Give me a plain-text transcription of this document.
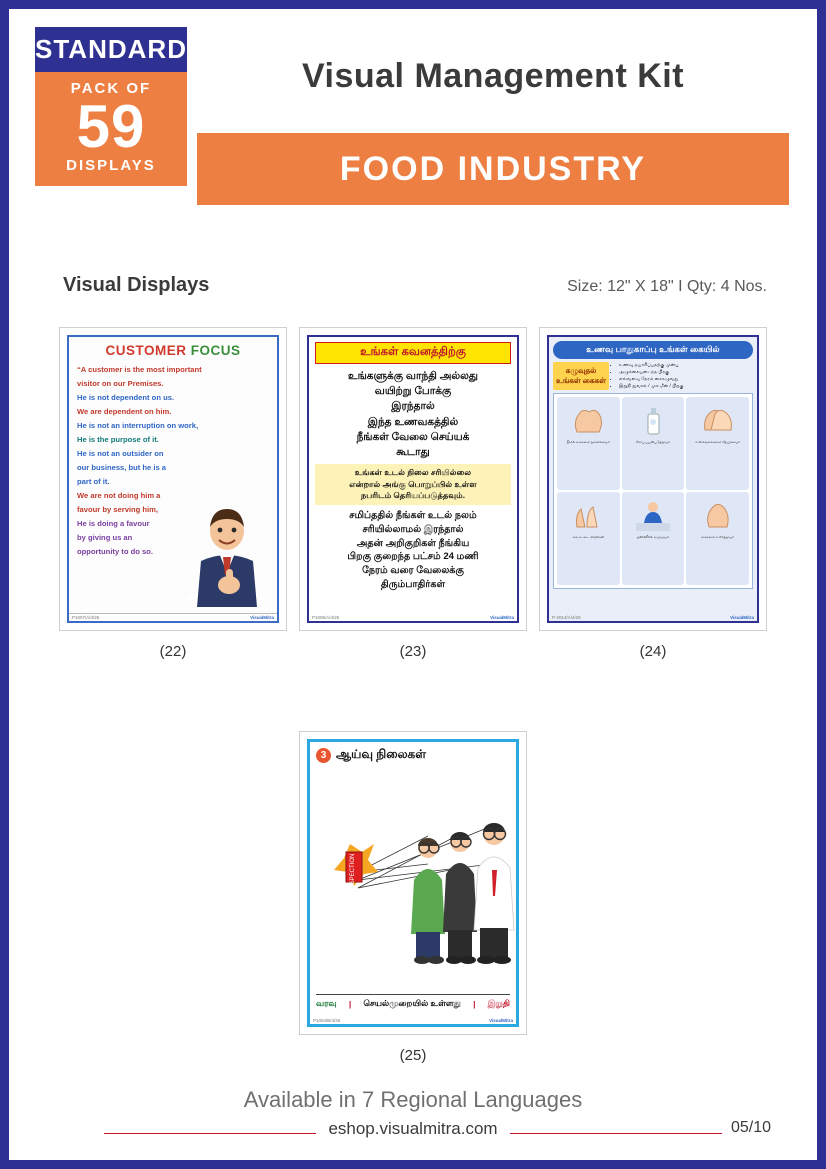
STANDARD
PACK OF
59
DISPLAYS
Visual Management Kit
FOOD INDUSTRY
Visual Displays	Size: 12" X 18" I Qty: 4 Nos.
CUSTOMER FOCUS

“A customer is the most important

visitor on our Premises.

He is not dependent on us.

We are dependent on him.

He is not an interruption on work,

He is the purpose of it.

He is not an outsider on

our business, but he is a

part of it.

We are not doing him a

favour by serving him,

He is doing a favour

by giving us an

opportunity to do so.

P1007/A/4/26	VisualMitra
(22)
உங்கள் கவனத்திற்கு
உங்களுக்கு வாந்தி அல்லது
வயிற்று போக்கு
இரந்தால்
இந்த உணவகத்தில்
நீங்கள் வேலை செய்யக்
கூடாது
உங்கள் உடல் நிலை சரியில்லை
என்றால் அங்கு பொறுப்பில் உள்ள
நபரிடம் தெரியப்படுத்தவும்.
சமிப்ததில் நீங்கள் உடல் நலம்
சரியில்லாமல் இரந்தால்
அதன் அறிகுறிகள் நீங்கிய
பிறகு குறைந்த பட்சம் 24 மணி
நேரம் வரை வேலைக்கு
திரும்பாதிர்கள்
P1005/A/4/26	VisualMitra
(23)
உணவு பாதுகாப்பு உங்கள் கையில்
கழுவுதல் உங்கள் கைகள்
• உணவு தயாரிப்பதற்கு முன்பு
• அழுக்கையடைந்த பிரகு
• எவ்வளவு நேரம் கைகழுவது
• இறுதி துவால் / முக மீன் / பிறகு
நீரால் கைகளை நனைக்கவும்	சோப் பயன்படுத்தவும்	உள்ளங்கைகளை தேய்க்கவும்
கை கட்டை விரல்கள்	தண்ணீரில் கழுவவும்	கைகளை உலர்த்தவும்
P-2014/A/4/26	VisualMitra
(24)
3 ஆய்வு நிலைகள்
INSPECTION
வரவு | செயல்முறையில் உள்ளது | இறுதி
P1004/B/4/26	VisualMitra
(25)
Available in 7 Regional Languages
eshop.visualmitra.com	05/10
